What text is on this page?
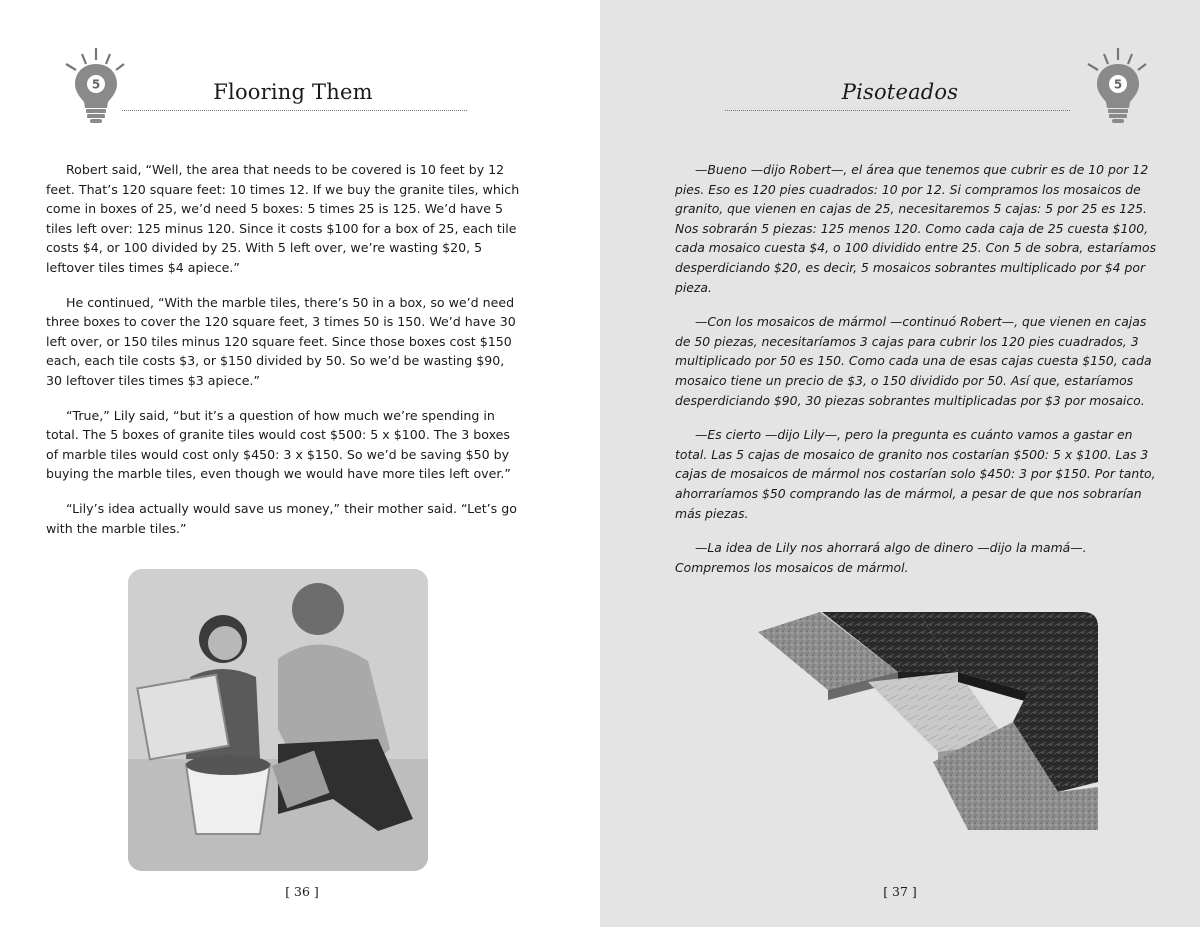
5	Flooring Them

Robert said, “Well, the area that needs to be covered is 10 feet by 12 feet. That’s 120 square feet: 10 times 12. If we buy the granite tiles, which come in boxes of 25, we’d need 5 boxes: 5 times 25 is 125. We’d have 5 tiles left over: 125 minus 120. Since it costs $100 for a box of 25, each tile costs $4, or 100 divided by 25. With 5 left over, we’re wasting $20, 5 leftover tiles times $4 apiece.”

He continued, “With the marble tiles, there’s 50 in a box, so we’d need three boxes to cover the 120 square feet, 3 times 50 is 150. We’d have 30 left over, or 150 tiles minus 120 square feet. Since those boxes cost $150 each, each tile costs $3, or $150 divided by 50. So we’d be wasting $90, 30 leftover tiles times $3 apiece.”

“True,” Lily said, “but it’s a question of how much we’re spending in total. The 5 boxes of granite tiles would cost $500: 5 x $100. The 3 boxes of marble tiles would cost only $450: 3 x $150. So we’d be saving $50 by buying the marble tiles, even though we would have more tiles left over.”

“Lily’s idea actually would save us money,” their mother said. “Let’s go with the marble tiles.”

[ 36 ]
5
Pisoteados

—Bueno —dijo Robert—, el área que tenemos que cubrir es de 10 por 12 pies. Eso es 120 pies cuadrados: 10 por 12. Si compramos los mosaicos de granito, que vienen en cajas de 25, necesitaremos 5 cajas: 5 por 25 es 125. Nos sobrarán 5 piezas: 125 menos 120. Como cada caja de 25 cuesta $100, cada mosaico cuesta $4, o 100 dividido entre 25. Con 5 de sobra, estaríamos desperdiciando $20, es decir, 5 mosaicos sobrantes multiplicado por $4 por pieza.

—Con los mosaicos de mármol —continuó Robert—, que vienen en cajas de 50 piezas, necesitaríamos 3 cajas para cubrir los 120 pies cuadrados, 3 multiplicado por 50 es 150. Como cada una de esas cajas cuesta $150, cada mosaico tiene un precio de $3, o 150 dividido por 50. Así que, estaríamos desperdiciando $90, 30 piezas sobrantes multiplicadas por $3 por mosaico.

—Es cierto —dijo Lily—, pero la pregunta es cuánto vamos a gastar en total. Las 5 cajas de mosaico de granito nos costarían $500: 5 x $100. Las 3 cajas de mosaicos de mármol nos costarían solo $450: 3 por $150. Por tanto, ahorraríamos $50 comprando las de mármol, a pesar de que nos sobrarían más piezas.

—La idea de Lily nos ahorrará algo de dinero —dijo la mamá—. Compremos los mosaicos de mármol.

[ 37 ]
